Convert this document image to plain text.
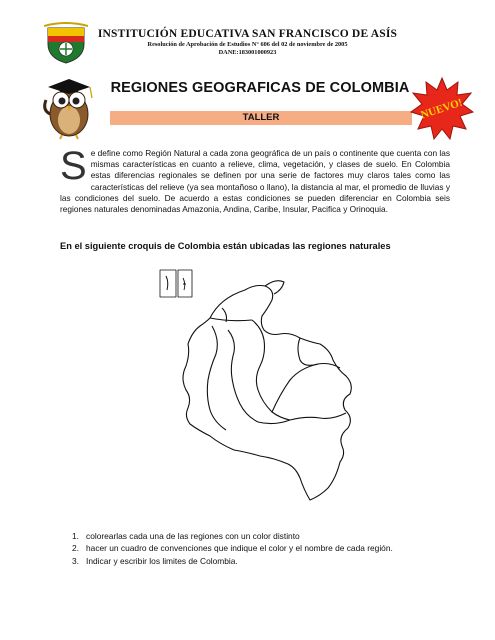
INSTITUCIÓN EDUCATIVA SAN FRANCISCO DE ASÍS
Resolución de Aprobación de Estudios N° 606 del 02 de noviembre de 2005
DANE:183001000923
REGIONES GEOGRAFICAS DE COLOMBIA
TALLER	NUEVO!
Se define como Región Natural a cada zona geográfica de un país o continente que cuenta con las mismas características en cuanto a relieve, clima, vegetación, y clases de suelo. En Colombia estas diferencias regionales se definen por una serie de factores muy claros tales como las características del relieve (ya sea montañoso o llano), la distancia al mar, el promedio de lluvias y las condiciones del suelo. De acuerdo a estas condiciones se pueden diferenciar en Colombia seis regiones naturales denominadas Amazonia, Andina, Caribe, Insular, Pacifica y Orinoquia.
En el siguiente croquis de Colombia están ubicadas las regiones naturales
1. colorearlas cada una de las regiones con un color distinto
2. hacer un cuadro de convenciones que indique el color y el nombre de cada región.
3. Indicar y escribir los limites de Colombia.
